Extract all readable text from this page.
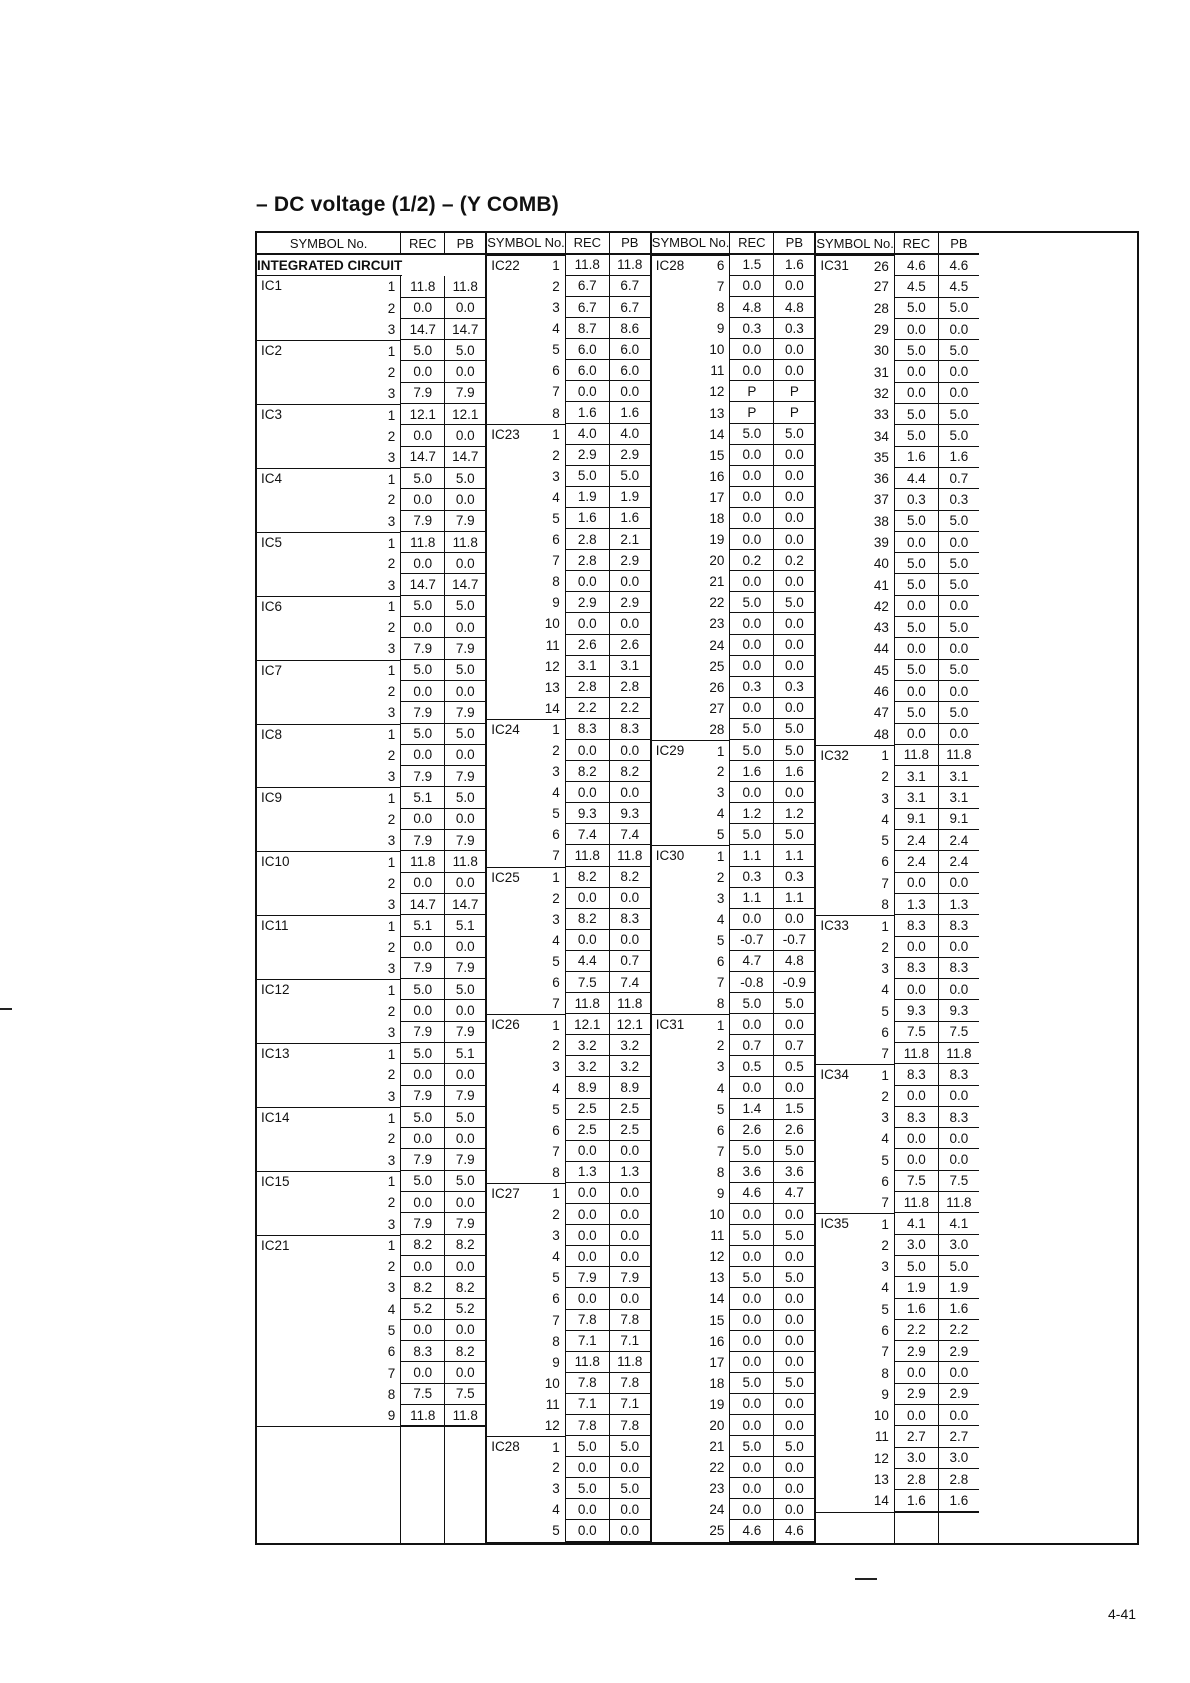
– DC voltage (1/2) – (Y COMB)
SYMBOL No.	REC	PB
INTEGRATED CIRCUIT
IC1	1	11.8	11.8
2	0.0	0.0
3	14.7	14.7
IC2	1	5.0	5.0
2	0.0	0.0
3	7.9	7.9
IC3	1	12.1	12.1
2	0.0	0.0
3	14.7	14.7
IC4	1	5.0	5.0
2	0.0	0.0
3	7.9	7.9
IC5	1	11.8	11.8
2	0.0	0.0
3	14.7	14.7
IC6	1	5.0	5.0
2	0.0	0.0
3	7.9	7.9
IC7	1	5.0	5.0
2	0.0	0.0
3	7.9	7.9
IC8	1	5.0	5.0
2	0.0	0.0
3	7.9	7.9
IC9	1	5.1	5.0
2	0.0	0.0
3	7.9	7.9
IC10	1	11.8	11.8
2	0.0	0.0
3	14.7	14.7
IC11	1	5.1	5.1
2	0.0	0.0
3	7.9	7.9
IC12	1	5.0	5.0
2	0.0	0.0
3	7.9	7.9
IC13	1	5.0	5.1
2	0.0	0.0
3	7.9	7.9
IC14	1	5.0	5.0
2	0.0	0.0
3	7.9	7.9
IC15	1	5.0	5.0
2	0.0	0.0
3	7.9	7.9
IC21	1	8.2	8.2
2	0.0	0.0
3	8.2	8.2
4	5.2	5.2
5	0.0	0.0
6	8.3	8.2
7	0.0	0.0
8	7.5	7.5
9	11.8	11.8
SYMBOL No. REC	PB
IC22 1	11.8	11.8
2	6.7	6.7
3	6.7	6.7
4	8.7	8.6
5	6.0	6.0
6	6.0	6.0
7	0.0	0.0
8	1.6	1.6
IC23 1	4.0	4.0
2	2.9	2.9
3	5.0	5.0
4	1.9	1.9
5	1.6	1.6
6	2.8	2.1
7	2.8	2.9
8	0.0	0.0
9	2.9	2.9
10	0.0	0.0
11	2.6	2.6
12	3.1	3.1
13	2.8	2.8
14	2.2	2.2
IC24 1	8.3	8.3
2	0.0	0.0
3	8.2	8.2
4	0.0	0.0
5	9.3	9.3
6	7.4	7.4
7	11.8	11.8
IC25 1	8.2	8.2
2	0.0	0.0
3	8.2	8.3
4	0.0	0.0
5	4.4	0.7
6	7.5	7.4
7	11.8	11.8
IC26 1	12.1	12.1
2	3.2	3.2
3	3.2	3.2
4	8.9	8.9
5	2.5	2.5
6	2.5	2.5
7	0.0	0.0
8	1.3	1.3
IC27 1	0.0	0.0
2	0.0	0.0
3	0.0	0.0
4	0.0	0.0
5	7.9	7.9
6	0.0	0.0
7	7.8	7.8
8	7.1	7.1
9	11.8	11.8
10	7.8	7.8
11	7.1	7.1
12	7.8	7.8
IC28 1	5.0	5.0
2	0.0	0.0
3	5.0	5.0
4	0.0	0.0
5	0.0	0.0
SYMBOL No. REC	PB
IC28 6	1.5	1.6
7	0.0	0.0
8	4.8	4.8
9	0.3	0.3
10	0.0	0.0
11	0.0	0.0
12	P	P
13	P	P
14	5.0	5.0
15	0.0	0.0
16	0.0	0.0
17	0.0	0.0
18	0.0	0.0
19	0.0	0.0
20	0.2	0.2
21	0.0	0.0
22	5.0	5.0
23	0.0	0.0
24	0.0	0.0
25	0.0	0.0
26	0.3	0.3
27	0.0	0.0
28	5.0	5.0
IC29 1	5.0	5.0
2	1.6	1.6
3	0.0	0.0
4	1.2	1.2
5	5.0	5.0
IC30 1	1.1	1.1
2	0.3	0.3
3	1.1	1.1
4	0.0	0.0
5	-0.7	-0.7
6	4.7	4.8
7	-0.8	-0.9
8	5.0	5.0
IC31 1	0.0	0.0
2	0.7	0.7
3	0.5	0.5
4	0.0	0.0
5	1.4	1.5
6	2.6	2.6
7	5.0	5.0
8	3.6	3.6
9	4.6	4.7
10	0.0	0.0
11	5.0	5.0
12	0.0	0.0
13	5.0	5.0
14	0.0	0.0
15	0.0	0.0
16	0.0	0.0
17	0.0	0.0
18	5.0	5.0
19	0.0	0.0
20	0.0	0.0
21	5.0	5.0
22	0.0	0.0
23	0.0	0.0
24	0.0	0.0
25	4.6	4.6
SYMBOL No. REC	PB
IC31 26	4.6	4.6
27	4.5	4.5
28	5.0	5.0
29	0.0	0.0
30	5.0	5.0
31	0.0	0.0
32	0.0	0.0
33	5.0	5.0
34	5.0	5.0
35	1.6	1.6
36	4.4	0.7
37	0.3	0.3
38	5.0	5.0
39	0.0	0.0
40	5.0	5.0
41	5.0	5.0
42	0.0	0.0
43	5.0	5.0
44	0.0	0.0
45	5.0	5.0
46	0.0	0.0
47	5.0	5.0
48	0.0	0.0
IC32 1	11.8	11.8
2	3.1	3.1
3	3.1	3.1
4	9.1	9.1
5	2.4	2.4
6	2.4	2.4
7	0.0	0.0
8	1.3	1.3
IC33 1	8.3	8.3
2	0.0	0.0
3	8.3	8.3
4	0.0	0.0
5	9.3	9.3
6	7.5	7.5
7	11.8	11.8
IC34 1	8.3	8.3
2	0.0	0.0
3	8.3	8.3
4	0.0	0.0
5	0.0	0.0
6	7.5	7.5
7	11.8	11.8
IC35 1	4.1	4.1
2	3.0	3.0
3	5.0	5.0
4	1.9	1.9
5	1.6	1.6
6	2.2	2.2
7	2.9	2.9
8	0.0	0.0
9	2.9	2.9
10	0.0	0.0
11	2.7	2.7
12	3.0	3.0
13	2.8	2.8
14	1.6	1.6
4-41
